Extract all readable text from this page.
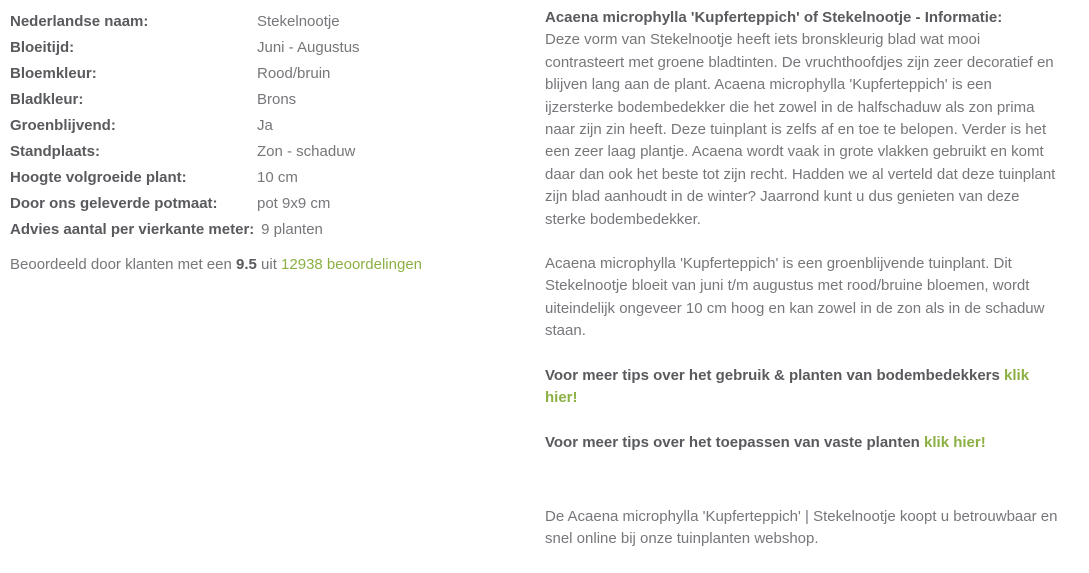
Nederlandse naam:	Stekelnootje
Bloeitijd:	Juni - Augustus
Bloemkleur:	Rood/bruin
Bladkleur:	Brons
Groenblijvend:	Ja
Standplaats:	Zon - schaduw
Hoogte volgroeide plant:	10 cm
Door ons geleverde potmaat:	pot 9x9 cm
Advies aantal per vierkante meter: 9 planten
Beoordeeld door klanten met een 9.5 uit 12938 beoordelingen
Acaena microphylla 'Kupferteppich' of Stekelnootje - Informatie:

Deze vorm van Stekelnootje heeft iets bronskleurig blad wat mooi contrasteert met groene bladtinten. De vruchthoofdjes zijn zeer decoratief en blijven lang aan de plant. Acaena microphylla 'Kupferteppich' is een ijzersterke bodembedekker die het zowel in de halfschaduw als zon prima naar zijn zin heeft. Deze tuinplant is zelfs af en toe te belopen. Verder is het een zeer laag plantje. Acaena wordt vaak in grote vlakken gebruikt en komt daar dan ook het beste tot zijn recht. Hadden we al verteld dat deze tuinplant zijn blad aanhoudt in de winter? Jaarrond kunt u dus genieten van deze sterke bodembedekker.

Acaena microphylla 'Kupferteppich' is een groenblijvende tuinplant. Dit Stekelnootje bloeit van juni t/m augustus met rood/bruine bloemen, wordt uiteindelijk ongeveer 10 cm hoog en kan zowel in de zon als in de schaduw staan.

Voor meer tips over het gebruik & planten van bodembedekkers klik hier!

Voor meer tips over het toepassen van vaste planten klik hier!

De Acaena microphylla 'Kupferteppich' | Stekelnootje koopt u betrouwbaar en snel online bij onze tuinplanten webshop.
